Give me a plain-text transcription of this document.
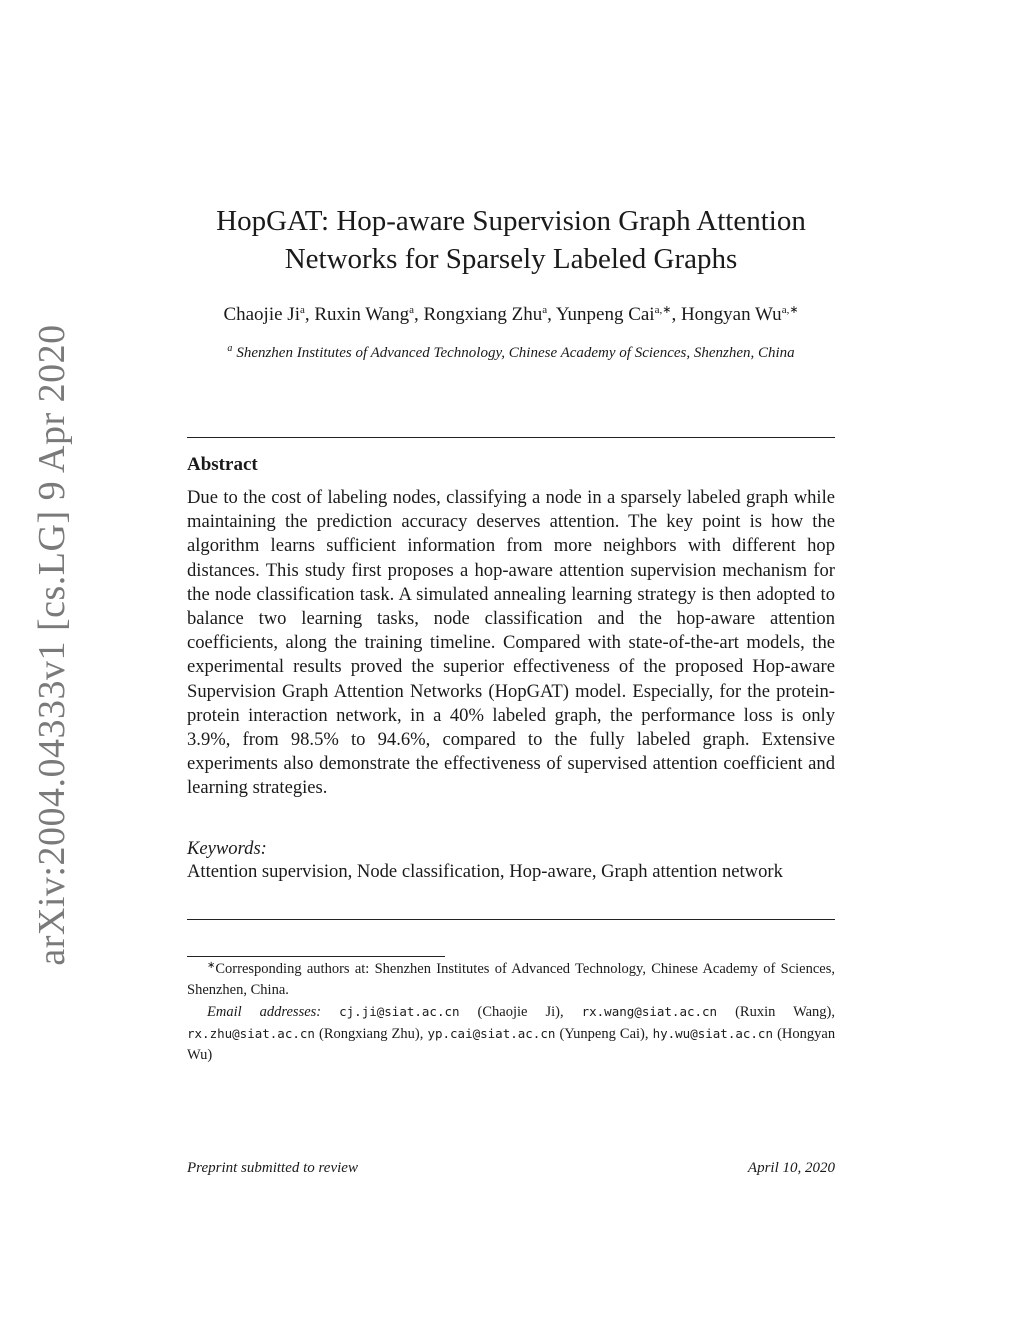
arXiv:2004.04333v1 [cs.LG] 9 Apr 2020
HopGAT: Hop-aware Supervision Graph Attention
Networks for Sparsely Labeled Graphs
Chaojie Ji$^a$, Ruxin Wang$^a$, Rongxiang Zhu$^a$, Yunpeng Cai$^{a,∗}$, Hongyan $Wu^{a,∗}$
$^a$ Shenzhen Institutes of Advanced Technology, Chinese Academy of Sciences, Shenzhen, China
Abstract
Due to the cost of labeling nodes, classifying a node in a sparsely labeled graph while maintaining the prediction accuracy deserves attention. The key point is how the algorithm learns sufficient information from more neighbors with different hop distances. This study first proposes a hop-aware attention supervision mechanism for the node classification task. A simulated annealing learning strategy is then adopted to balance two learning tasks, node classification and the hop-aware attention coefficients, along the training timeline. Compared with state-of-the-art models, the experimental results proved the superior effectiveness of the proposed Hop-aware Supervision Graph Attention Networks (HopGAT) model. Especially, for the protein-protein interaction network, in a 40% labeled graph, the performance loss is only 3.9%, from 98.5% to 94.6%, compared to the fully labeled graph. Extensive experiments also demonstrate the effectiveness of supervised attention coefficient and learning strategies.
Keywords:
Attention supervision, Node classification, Hop-aware, Graph attention network

∗Corresponding authors at: Shenzhen Institutes of Advanced Technology, Chinese Academy of Sciences, Shenzhen, China.

Email addresses: cj.ji@siat.ac.cn (Chaojie Ji), rx.wang@siat.ac.cn (Ruxin Wang), rx.zhu@siat.ac.cn (Rongxiang Zhu), yp.cai@siat.ac.cn (Yunpeng Cai), hy.wu@siat.ac.cn (Hongyan Wu)

Preprint submitted to review	April 10, 2020
